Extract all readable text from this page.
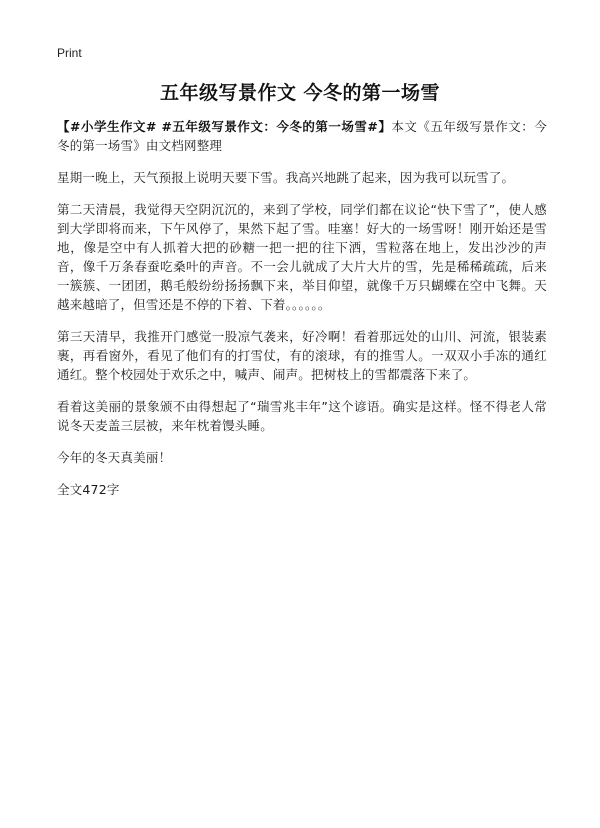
Print
五年级写景作文 今冬的第一场雪

【#小学生作文# #五年级写景作文：今冬的第一场雪#】本文《五年级写景作文：今冬的第一场雪》由文档网整理

星期一晚上，天气预报上说明天要下雪。我高兴地跳了起来，因为我可以玩雪了。

第二天清晨，我觉得天空阴沉沉的，来到了学校，同学们都在议论“快下雪了”，使人感到大学即将而来，下午风停了，果然下起了雪。哇塞！好大的一场雪呀！刚开始还是雪地，像是空中有人抓着大把的砂糖一把一把的往下洒，雪粒落在地上，发出沙沙的声音，像千万条春蚕吃桑叶的声音。不一会儿就成了大片大片的雪，先是稀稀疏疏，后来一簇簇、一团团，鹅毛般纷纷扬扬飘下来，举目仰望，就像千万只蝴蝶在空中飞舞。天越来越暗了，但雪还是不停的下着、下着。。。。。。

第三天清早，我推开门感觉一股凉气袭来，好冷啊！看着那远处的山川、河流，银装素裹，再看窗外，看见了他们有的打雪仗，有的滚球，有的推雪人。一双双小手冻的通红通红。整个校园处于欢乐之中，喊声、闹声。把树枝上的雪都震落下来了。

看着这美丽的景象颁不由得想起了“瑞雪兆丰年”这个谚语。确实是这样。怪不得老人常说冬天麦盖三层被，来年枕着馒头睡。

今年的冬天真美丽！

全文472字
